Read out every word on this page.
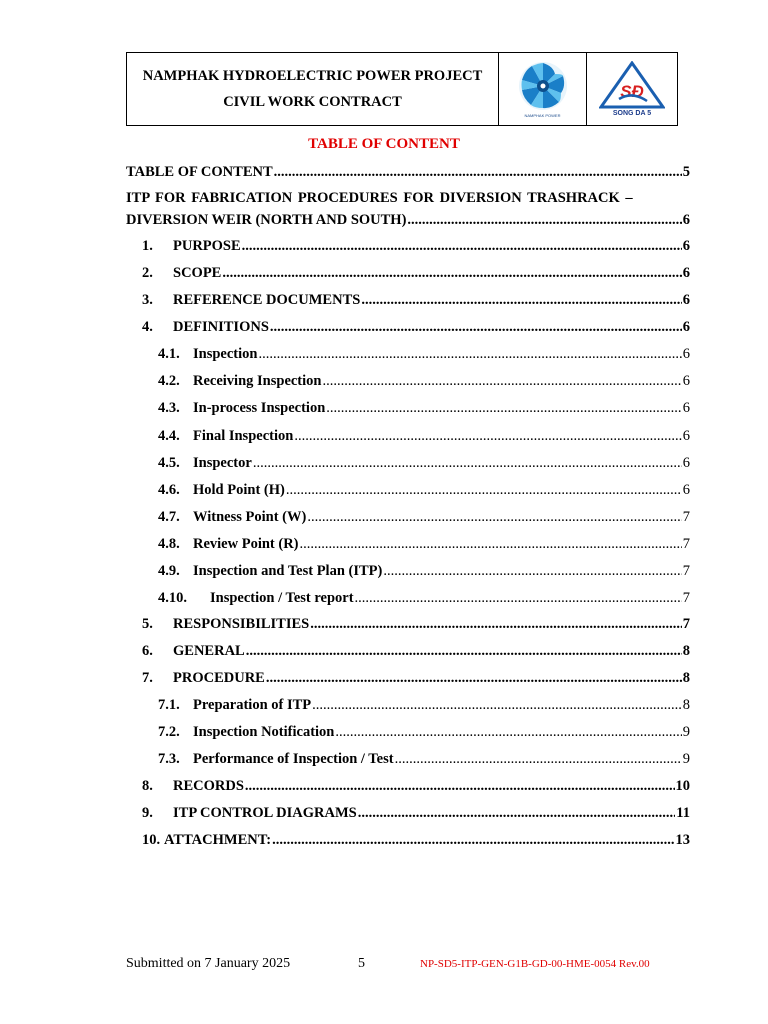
NAMPHAK HYDROELECTRIC POWER PROJECT
CIVIL WORK CONTRACT
NAMPHAK POWER
SĐ
SONG DA 5
TABLE OF CONTENT
TABLE OF CONTENT .....	5
ITP FOR FABRICATION PROCEDURES FOR DIVERSION TRASHRACK –
DIVERSION WEIR (NORTH AND SOUTH) .....	6
1.	PURPOSE .....	6
2.	SCOPE .....	6
3.	REFERENCE DOCUMENTS .....	6
4.	DEFINITIONS .....	6
4.1. Inspection .....	6
4.2. Receiving Inspection .....	6
4.3. In-process Inspection .....	6
4.4. Final Inspection .....	6
4.5. Inspector .....	6
4.6. Hold Point (H) .....	6
4.7. Witness Point (W) .....	7
4.8. Review Point (R) .....	7
4.9. Inspection and Test Plan (ITP) .....	7
4.10.	Inspection / Test report .....	7
5.	RESPONSIBILITIES .....	7
6.	GENERAL .....	8
7.	PROCEDURE .....	8
7.1. Preparation of ITP .....	8
7.2. Inspection Notification .....	9
7.3. Performance of Inspection / Test .....	9
8.	RECORDS .....	10
9.	ITP CONTROL DIAGRAMS .....	11
10. ATTACHMENT: .....	13
Submitted on 7 January 2025	5	NP-SD5-ITP-GEN-G1B-GD-00-HME-0054 Rev.00
